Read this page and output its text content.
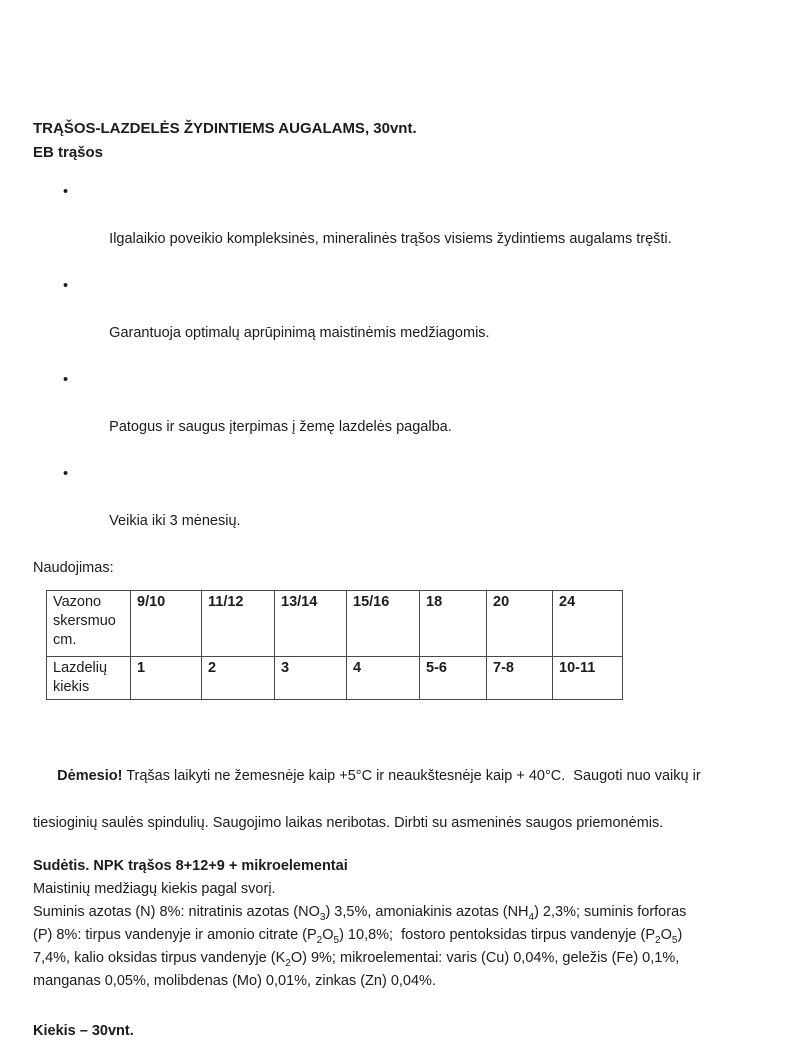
TRĄŠOS-LAZDELĖS ŽYDINTIEMS AUGALAMS, 30vnt.
EB trąšos

•

Ilgalaikio poveikio kompleksinės, mineralinės trąšos visiems žydintiems augalams tręšti.

•

Garantuoja optimalų aprūpinimą maistinėmis medžiagomis.

•

Patogus ir saugus įterpimas į žemę lazdelės pagalba.

•

Veikia iki 3 mėnesių.

Naudojimas:
Vazono skersmuo cm.	9/10	11/12	13/14	15/16	18	20	24
Lazdelių kiekis	1	2	3	4	5-6	7-8	10-11

Dėmesio! Trąšas laikyti ne žemesnėje kaip +5°C ir neaukštesnėje kaip + 40°C.  Saugoti nuo vaikų ir

tiesioginių saulės spindulių. Saugojimo laikas neribotas. Dirbti su asmeninės saugos priemonėmis.
Sudėtis. NPK trąšos 8+12+9 + mikroelementai
Maistinių medžiagų kiekis pagal svorį.
Suminis azotas (N) 8%: nitratinis azotas $(NO_3)$ 3,5%, amoniakinis azotas $(NH_4)$ 2,3%; suminis forforas
(P) 8%: tirpus vandenyje ir amonio citrate $(P_2O_5)$ 10,8%;  fostoro pentoksidas tirpus vandenyje $(P_2O_5)$
7,4%, kalio oksidas tirpus vandenyje $(K_2O)$ 9%; mikroelementai: varis (Cu) 0,04%, geležis (Fe) 0,1%,
manganas 0,05%, molibdenas (Mo) 0,01%, zinkas (Zn) 0,04%.
Kiekis – 30vnt.
